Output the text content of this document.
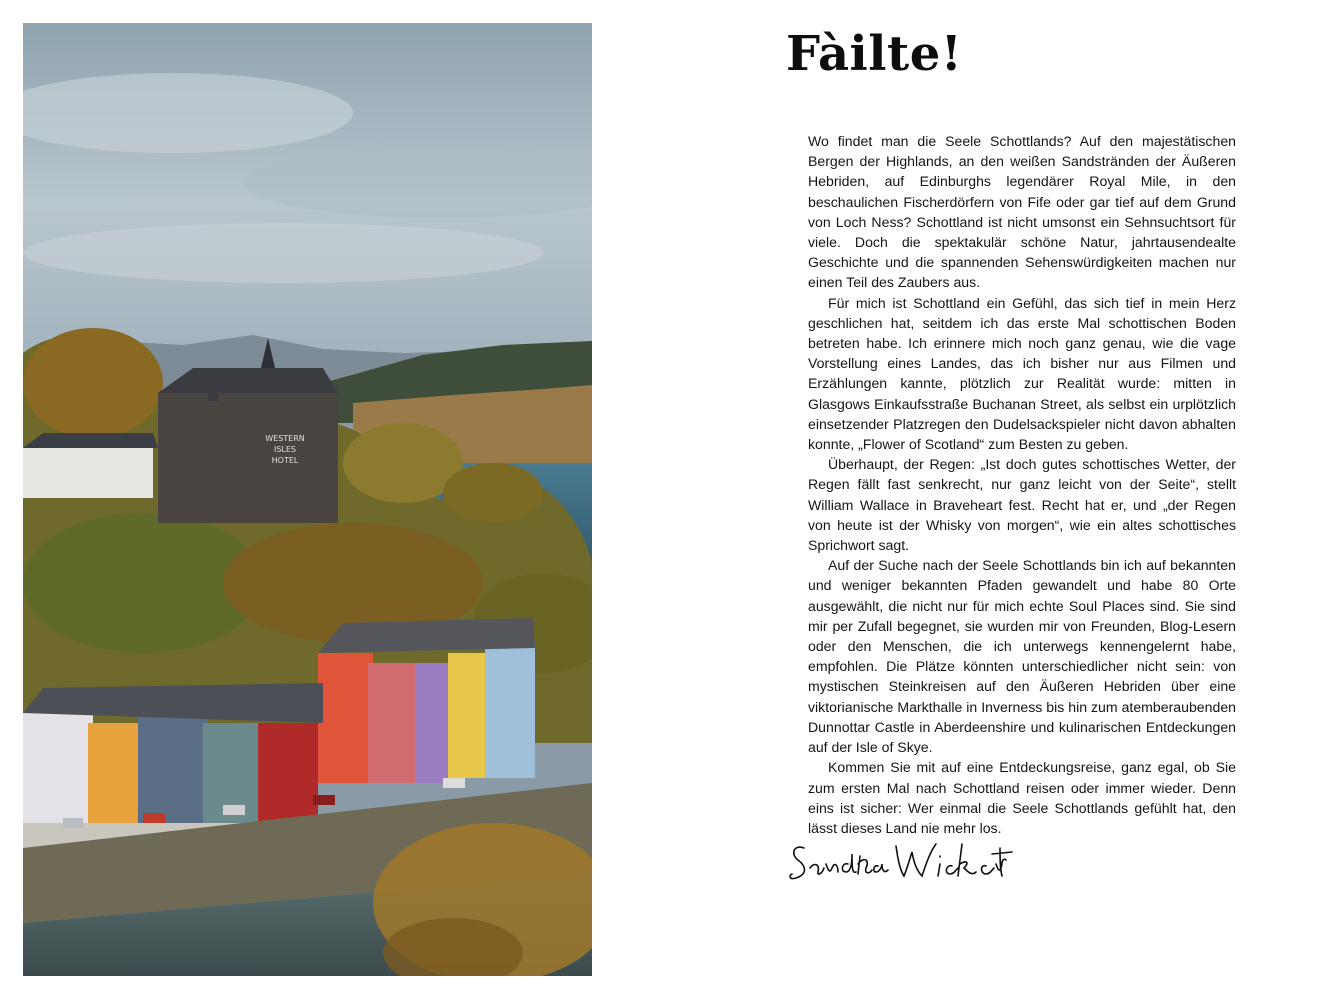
WESTERN
ISLES
HOTEL
Fàilte!

Wo findet man die Seele Schottlands? Auf den majestätischen Bergen der Highlands, an den weißen Sandstränden der Äußeren Hebriden, auf Edinburghs legendärer Royal Mile, in den beschaulichen Fischerdörfern von Fife oder gar tief auf dem Grund von Loch Ness? Schottland ist nicht umsonst ein Sehnsuchtsort für viele. Doch die spektakulär schöne Natur, jahrtausendealte Geschichte und die spannenden Sehenswürdigkeiten machen nur einen Teil des Zaubers aus.

Für mich ist Schottland ein Gefühl, das sich tief in mein Herz geschlichen hat, seitdem ich das erste Mal schottischen Boden betreten habe. Ich erinnere mich noch ganz genau, wie die vage Vorstellung eines Landes, das ich bisher nur aus Filmen und Erzählungen kannte, plötzlich zur Realität wurde: mitten in Glasgows Einkaufsstraße Buchanan Street, als selbst ein urplötzlich einsetzender Platzregen den Dudelsackspieler nicht davon abhalten konnte, „Flower of Scotland“ zum Besten zu geben.

Überhaupt, der Regen: „Ist doch gutes schottisches Wetter, der Regen fällt fast senkrecht, nur ganz leicht von der Seite“, stellt William Wallace in Braveheart fest. Recht hat er, und „der Regen von heute ist der Whisky von morgen“, wie ein altes schottisches Sprichwort sagt.

Auf der Suche nach der Seele Schottlands bin ich auf bekannten und weniger bekannten Pfaden gewandelt und habe 80 Orte ausgewählt, die nicht nur für mich echte Soul Places sind. Sie sind mir per Zufall begegnet, sie wurden mir von Freunden, Blog-Lesern oder den Menschen, die ich unterwegs kennengelernt habe, empfohlen. Die Plätze könnten unterschiedlicher nicht sein: von mystischen Steinkreisen auf den Äußeren Hebriden über eine viktorianische Markthalle in Inverness bis hin zum atemberaubenden Dunnottar Castle in Aberdeenshire und kulinarischen Entdeckungen auf der Isle of Skye.

Kommen Sie mit auf eine Entdeckungsreise, ganz egal, ob Sie zum ersten Mal nach Schottland reisen oder immer wieder. Denn eins ist sicher: Wer einmal die Seele Schottlands gefühlt hat, den lässt dieses Land nie mehr los.
